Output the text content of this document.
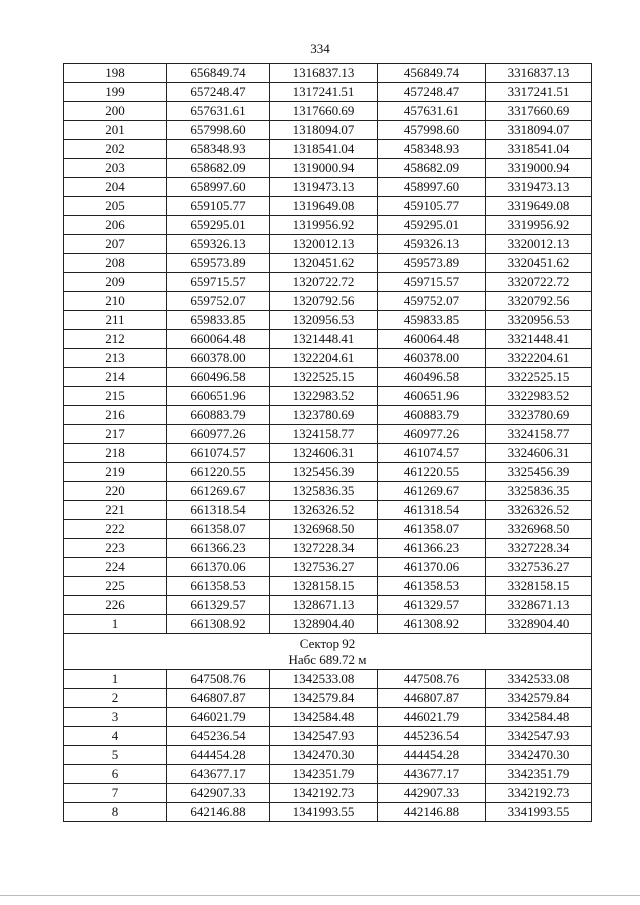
334
198	656849.74	1316837.13	456849.74	3316837.13
199	657248.47	1317241.51	457248.47	3317241.51
200	657631.61	1317660.69	457631.61	3317660.69
201	657998.60	1318094.07	457998.60	3318094.07
202	658348.93	1318541.04	458348.93	3318541.04
203	658682.09	1319000.94	458682.09	3319000.94
204	658997.60	1319473.13	458997.60	3319473.13
205	659105.77	1319649.08	459105.77	3319649.08
206	659295.01	1319956.92	459295.01	3319956.92
207	659326.13	1320012.13	459326.13	3320012.13
208	659573.89	1320451.62	459573.89	3320451.62
209	659715.57	1320722.72	459715.57	3320722.72
210	659752.07	1320792.56	459752.07	3320792.56
211	659833.85	1320956.53	459833.85	3320956.53
212	660064.48	1321448.41	460064.48	3321448.41
213	660378.00	1322204.61	460378.00	3322204.61
214	660496.58	1322525.15	460496.58	3322525.15
215	660651.96	1322983.52	460651.96	3322983.52
216	660883.79	1323780.69	460883.79	3323780.69
217	660977.26	1324158.77	460977.26	3324158.77
218	661074.57	1324606.31	461074.57	3324606.31
219	661220.55	1325456.39	461220.55	3325456.39
220	661269.67	1325836.35	461269.67	3325836.35
221	661318.54	1326326.52	461318.54	3326326.52
222	661358.07	1326968.50	461358.07	3326968.50
223	661366.23	1327228.34	461366.23	3327228.34
224	661370.06	1327536.27	461370.06	3327536.27
225	661358.53	1328158.15	461358.53	3328158.15
226	661329.57	1328671.13	461329.57	3328671.13
1	661308.92	1328904.40	461308.92	3328904.40

Сектор 92
Набс 689.72 м				

1	647508.76	1342533.08	447508.76	3342533.08
2	646807.87	1342579.84	446807.87	3342579.84
3	646021.79	1342584.48	446021.79	3342584.48
4	645236.54	1342547.93	445236.54	3342547.93
5	644454.28	1342470.30	444454.28	3342470.30
6	643677.17	1342351.79	443677.17	3342351.79
7	642907.33	1342192.73	442907.33	3342192.73
8	642146.88	1341993.55	442146.88	3341993.55
